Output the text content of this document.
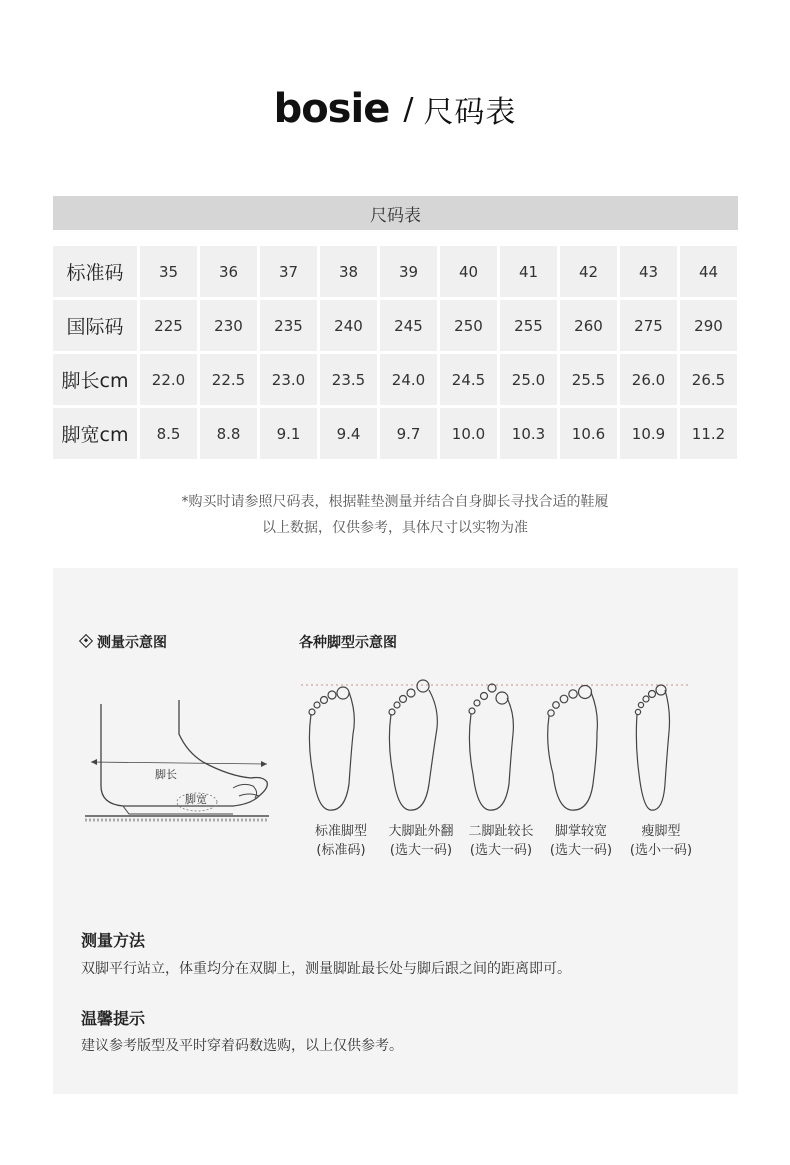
bosie / 尺码表
尺码表
标准码	35	36	37	38	39	40	41	42	43	44
国际码	225	230	235	240	245	250	255	260	275	290
脚长cm	22.0	22.5	23.0	23.5	24.0	24.5	25.0	25.5	26.0	26.5
脚宽cm	8.5	8.8	9.1	9.4	9.7	10.0	10.3	10.6	10.9	11.2
*购买时请参照尺码表，根据鞋垫测量并结合自身脚长寻找合适的鞋履
以上数据，仅供参考，具体尺寸以实物为准
测量示意图	各种脚型示意图
脚长
脚宽
标准脚型
(标准码)
大脚趾外翻
(选大一码)
二脚趾较长
(选大一码)
脚掌较宽
(选大一码)
瘦脚型
(选小一码)
测量方法
双脚平行站立，体重均分在双脚上，测量脚趾最长处与脚后跟之间的距离即可。
温馨提示
建议参考版型及平时穿着码数选购，以上仅供参考。
